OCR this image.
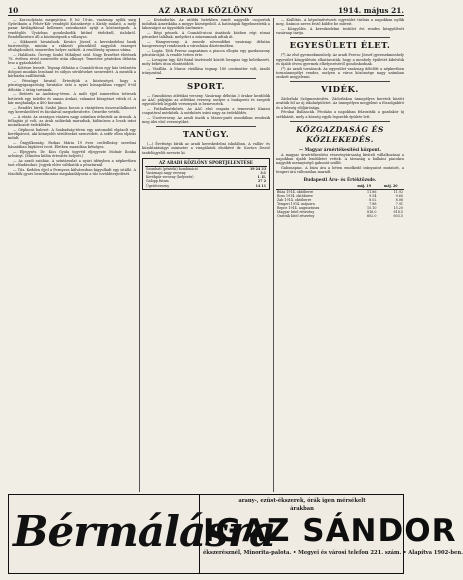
10	AZ ARADI KÖZLÖNY	1914. május 21.

— Korcsolyázás megnyitása. E hó 18-án, vasárnap nyílik meg Győröknön a Fehér-Kőr vendéglő Kutaskertje s Király mulató, a mely pazar kivilágítással kellemes szórakozást nyújt a közönségnek. A vendéglős Újvárban gondoskodik kitűnő ételekről, italokról. Rendelkezésre áll a közönségnek a villanyos.

— Sikkasztó hivatalnok. Kovács József, a kereskedelmi bank tisztviselője, miután a rábízott pénzekből nagyobb összeget eltulajdonított, ismeretlen helyre szökött. A rendőrség nyomoz utána.

— Halálozás. Özvegy Szabó Mihályné szül. Nagy Erzsébet életének 78. évében rövid szenvedés után elhunyt. Temetése pénteken délután lesz a gyászházból.

— Kötésre leesett. Tegnap délután a Csanádi-úton egy ház tetőzetén dolgozó munkás lezuhant és súlyos sérüléseket szenvedett. A mentők a kórházba szállították.

— Pénzügyi hivatal. Értesítjük a közönséget, hogy a pénzügyigazgatóság hivatalos órái a nyári hónapokban reggel 8-tól délután 2 óráig tartanak.

— Betörés az Andrássy-téren. A múlt éjjel ismeretlen tettesek betörtek egy üzletbe és onnan árukat, valamint készpénzt vittek el. A kár meghaladja a 400 koronát.

— Rendőri hírek. Szabó János kocsis a vásártéren összeszólalkozott egy kereskedővel és bicskával megsebesítette. Őrizetbe vették.

— A vásár. Az országos vásárra nagy számban érkeztek az árusok. A felhajtás jó volt, az árak szilárdak maradtak, különösen a lovak iránt mutatkozott érdeklődés.

— Gépkocsi baleset. A Szabadság-téren egy automobil elgázolt egy kerékpárost, aki könnyebb sérüléseket szenvedett. A sofőr ellen eljárás indult.

— Öngyilkosság. Farkas Mária 19 éves cselédleány szerelmi bánatában lúgkövet ivott. Életben maradása kétséges.

— Eljegyzés. Dr. Kiss Gyula ügyvéd eljegyezte Molnár Ilonka urleányt. (Minden külön értesítés helyett.)

— Az aradi színház. A színtársulat a nyári idényben a népkertben tart előadásokat. Jegyek előre válthatók a pénztárnál.

— Tűz. Kedden éjjel a Pernyava külvárosban kigyulladt egy istálló. A tűzoltók gyors beavatkozása megakadályozta a tűz továbbterjedését.

— Kivándorlás. Az utóbbi hetekben ismét nagyobb csoportok indultak Amerikába a megye községeiből. A hatóságok figyelmeztetik a lakosságot az ügynökök üzelmeire.

— Régi pénzek. A Csanádi-utcai ásatások közben régi római pénzeket találtak, melyeket a múzeumnak adtak át.

— Hangverseny. A zenede növendékei vasárnap délután hangversenyt rendeznek a városháza dísztermében.

— Lopás. Tóth Ferenc napszámos a piacon ellopta egy gazdasszony pénztárcáját. A rendőr tetten érte.

— Lovagias ügy. Két fiatal tisztviselő között lovagias ügy keletkezett, mely békés úton elintéződött.

— Vízállás. A Maros vízállása tegnap 180 centiméter volt, áradó irányzattal.

SPORT.

— Grandiózus atlétikai verseny. Vasárnap délután 3 órakor kezdődik az AAC pályáján az atlétikai verseny, melyre a budapesti és szegedi egyesületek legjobb versenyzői is beneveztek.

— Futballmérkőzés. Az AAC első csapata a temesvári Kinizsi csapatával mérkőzik. A mérkőzés iránt nagy az érdeklődés.

— Úszóverseny. Az aradi úszók a Maros-parti uszodában rendezik meg idei első versenyüket.

TANÜGY.

(—) Érettségi bírák az aradi kereskedelmi iskolában. A vallás- és közoktatásügyi miniszter a vizsgálatok elnökévé dr. Kovács Dezső tanfelügyelőt nevezte ki.

AZ ARADI KÖZLÖNY SPORTJELENTÉSE
Szombati (pénteki) kombináció	19 24 33
Vasárnapi nagy verseny	3:1
Kerékpár verseny (helyezés)	I. II.
Galopp futam	27 2
Ügetőverseny	14 11

— Kiállítás. A képzőművészeti egyesület tárlata a napokban nyílik meg. Számos neves festő küldte be műveit.

— Közgyűlés. A kereskedelmi testület évi rendes közgyűlését vasárnap tartja.

EGYESÜLETI ÉLET.

(*) Az első gyermekmenhely. Az aradi Ferenc József gyermekmenhely egyesület közgyűlésén elhatározták, hogy a menhely épületét kibővítik és újabb ötven gyermek elhelyezéséről gondoskodnak.

(*) Az aradi tornászok. Az egyesület vasárnap délelőtt a népkertben tornaünnepélyt rendez, melyen a város közönsége nagy számban szokott megjelenni.

VIDÉK.

Zádorlaki Szőgmentesítés. Zádorlakon ünnepélyes keretek között avatták fel az új iskolaépületet. Az ünnepélyen megjelent a főszolgabíró és a község elöljárósága.

Pécskai Ballancák. Pécskán a napokban felavatták a gazdakör új székházát, mely a község egyik legszebb épülete lett.

KÖZGAZDASÁG ÉS KÖZLEKEDÉS.
— Magyar áruértékesítési központ.

A magyar áruértékesítési részvénytársaság kiviteli vállalkozásai a napokban újabb lendületet vettek. A társaság a balkáni piacokra nagyobb mennyiségű gabonát szállít.

Gabonapiac. A búza ára a héten emelkedő irányzatot mutatott, a tengeri ára változatlan maradt.

Budapesti Áru- és Értéktőzsde.
	máj. 19	máj. 20
Búza 1914. októberre	11.86	11.92
Rozs 1914. októberre	9.54	9.60
Zab 1914. októberre	8.02	8.06
Tengeri 1914. májusra	7.88	7.91
Repce 1914. augusztusra	15.10	15.20
Magyar hitel részvény	816.0	818.5
Osztrák hitel részvény	602.0	603.5
Bérmálásra
arany-, ezüst-ékszerek, órák igen mérsékelt
árakban
IGAZ SÁNDOR
ékszerésznél, Minorita-palota. • Megyei és városi telefon 221. szám. • Alapítva 1902-ben.
